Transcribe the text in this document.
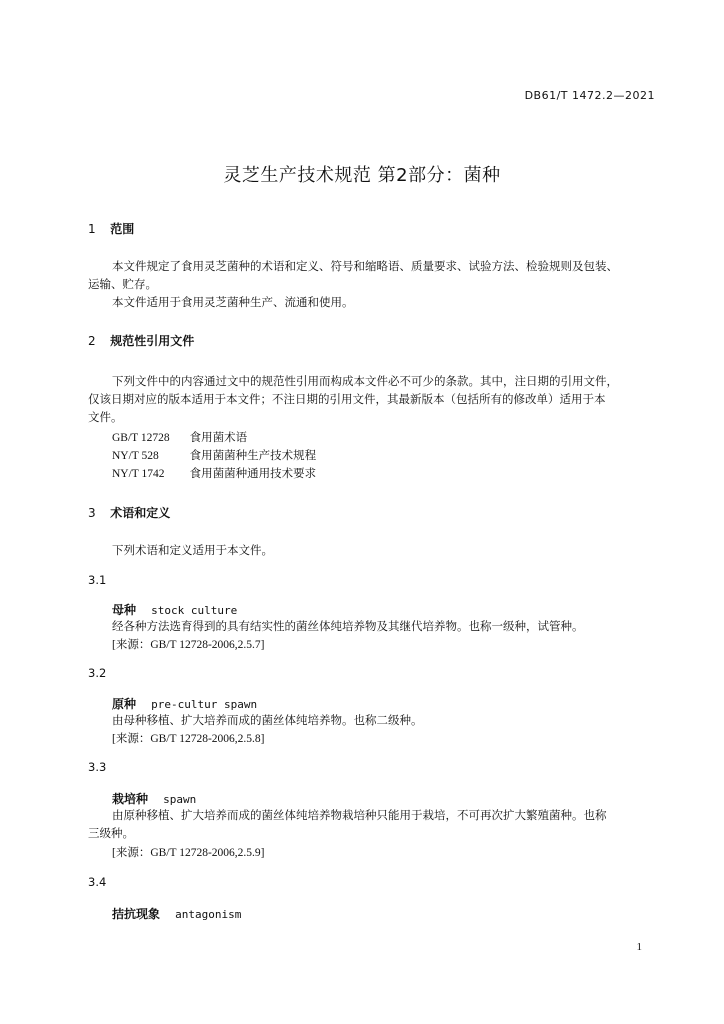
DB61/T 1472.2—2021
灵芝生产技术规范 第2部分：菌种
1 范围
本文件规定了食用灵芝菌种的术语和定义、符号和缩略语、质量要求、试验方法、检验规则及包装、
运输、贮存。
本文件适用于食用灵芝菌种生产、流通和使用。
2 规范性引用文件
下列文件中的内容通过文中的规范性引用而构成本文件必不可少的条款。其中，注日期的引用文件，
仅该日期对应的版本适用于本文件；不注日期的引用文件，其最新版本（包括所有的修改单）适用于本
文件。
GB/T 12728 食用菌术语
NY/T 528	食用菌菌种生产技术规程
NY/T 1742 食用菌菌种通用技术要求
3 术语和定义
下列术语和定义适用于本文件。
3.1
母种 stock culture
经各种方法选育得到的具有结实性的菌丝体纯培养物及其继代培养物。也称一级种，试管种。
[来源：GB/T 12728-2006,2.5.7]
3.2
原种 pre-cultur spawn
由母种移植、扩大培养而成的菌丝体纯培养物。也称二级种。
[来源：GB/T 12728-2006,2.5.8]
3.3
栽培种 spawn
由原种移植、扩大培养而成的菌丝体纯培养物栽培种只能用于栽培，不可再次扩大繁殖菌种。也称
三级种。
[来源：GB/T 12728-2006,2.5.9]
3.4
拮抗现象 antagonism
1
